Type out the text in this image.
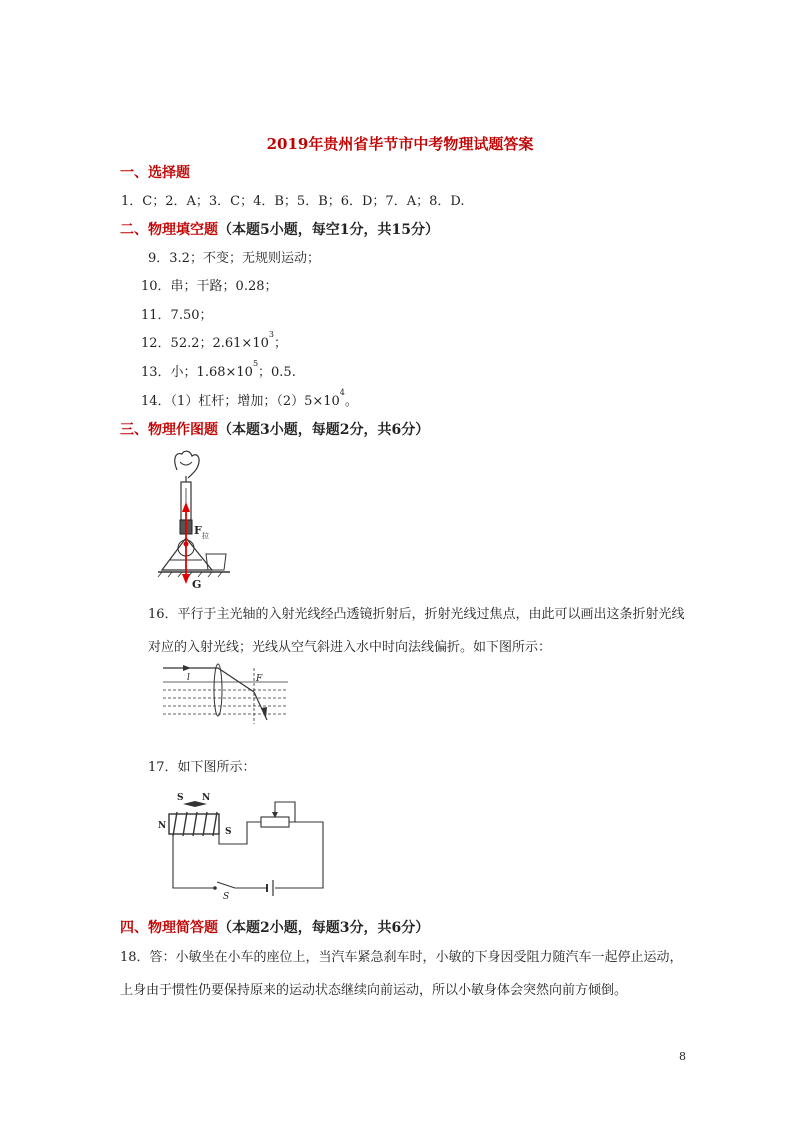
2019年贵州省毕节市中考物理试题答案
一、选择题
1．C；2．A；3．C；4．B；5．B；6．D；7．A；8．D.
二、物理填空题（本题5小题，每空1分，共15分）
9．3.2；不变；无规则运动；
10．串；干路；0.28；
11．7.50；
12．52.2；$2.61\times 10^3$；
13．小；$1.68\times 10^5$；0.5.
14．（1）杠杆；增加；$(2)5\times 10^4$。
三、物理作图题（本题3小题，每题2分，共6分）
F 拉
G
16．平行于主光轴的入射光线经凸透镜折射后，折射光线过焦点，由此可以画出这条折射光线对应的入射光线；光线从空气斜进入水中时向法线偏折。如下图所示：
l	F
17．如下图所示：
S N
N
S
S
四、物理简答题（本题2小题，每题3分，共6分）
18．答：小敏坐在小车的座位上，当汽车紧急刹车时，小敏的下身因受阻力随汽车一起停止运动，上身由于惯性仍要保持原来的运动状态继续向前运动，所以小敏身体会突然向前方倾倒。
8
